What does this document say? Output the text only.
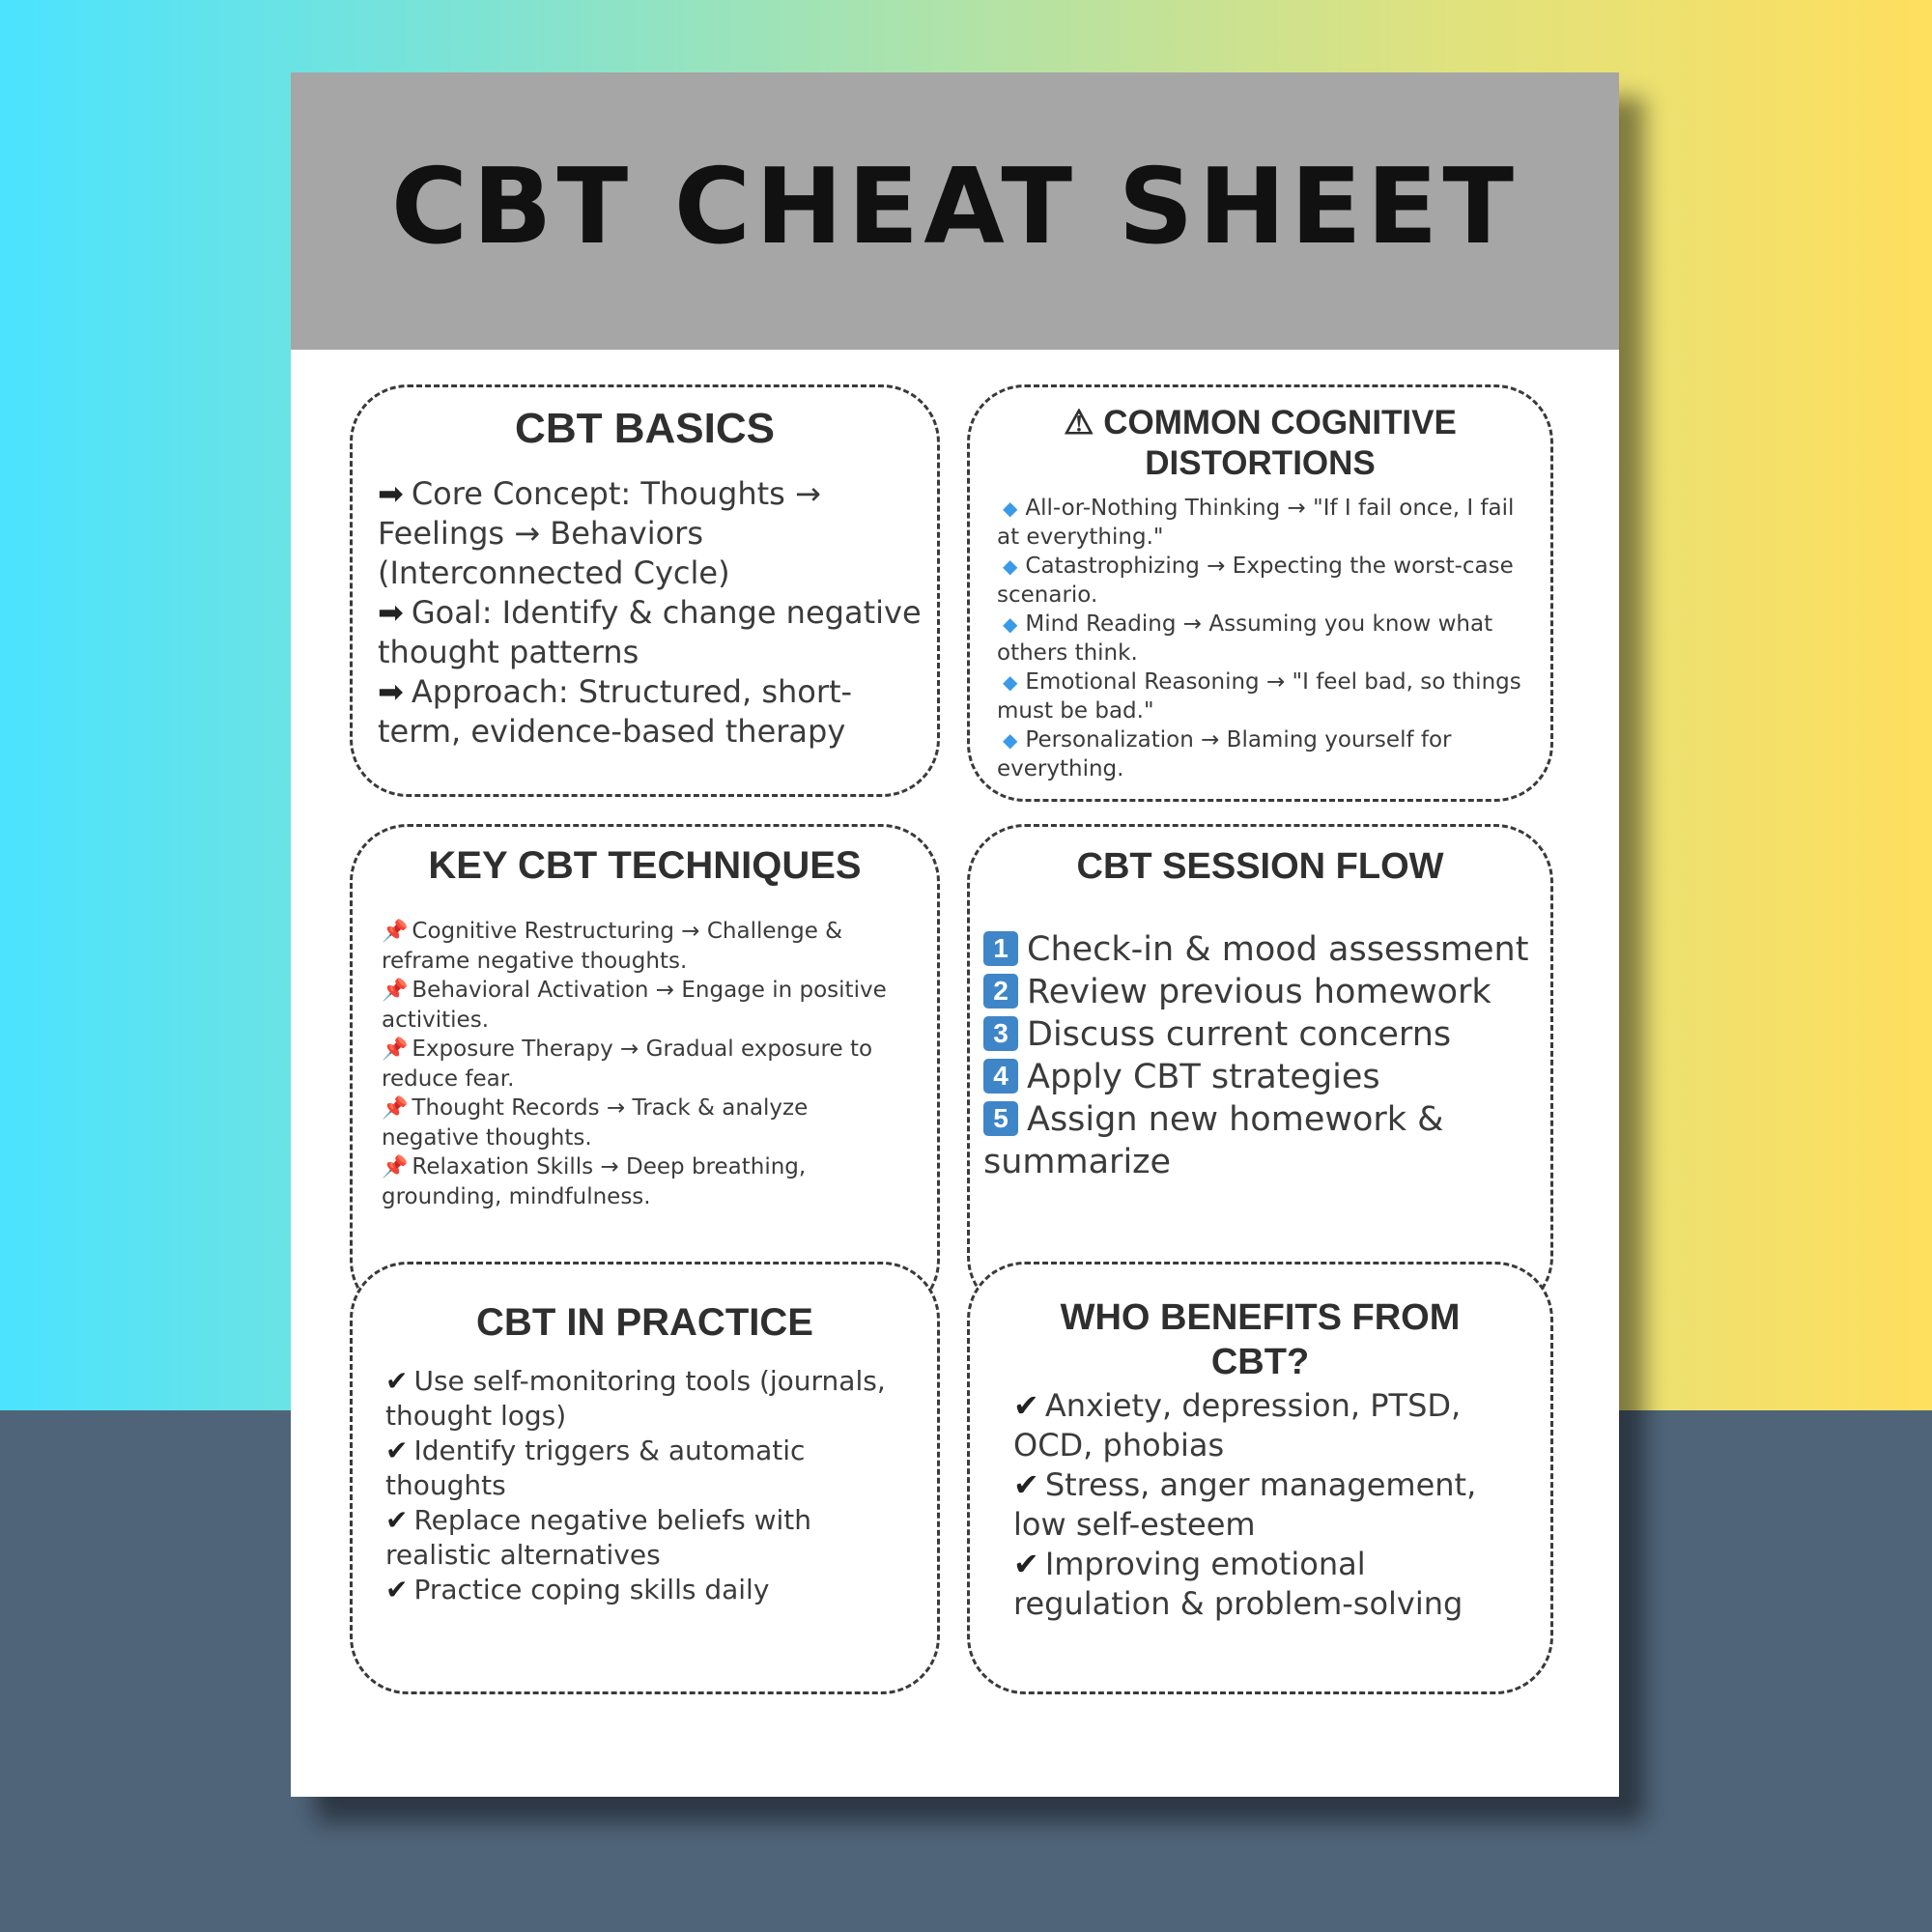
CBT CHEAT SHEET
CBT BASICS
➡ Core Concept: Thoughts → Feelings → Behaviors (Interconnected Cycle)
➡ Goal: Identify & change negative thought patterns
➡ Approach: Structured, short-term, evidence-based therapy
⚠ COMMON COGNITIVE DISTORTIONS
◆ All-or-Nothing Thinking → "If I fail once, I fail at everything."
◆ Catastrophizing → Expecting the worst-case scenario.
◆ Mind Reading → Assuming you know what others think.
◆ Emotional Reasoning → "I feel bad, so things must be bad."
◆ Personalization → Blaming yourself for everything.
KEY CBT TECHNIQUES
📌 Cognitive Restructuring → Challenge & reframe negative thoughts.
📌 Behavioral Activation → Engage in positive activities.
📌 Exposure Therapy → Gradual exposure to reduce fear.
📌 Thought Records → Track & analyze negative thoughts.
📌 Relaxation Skills → Deep breathing, grounding, mindfulness.
CBT SESSION FLOW
1 Check-in & mood assessment
2 Review previous homework
3 Discuss current concerns
4 Apply CBT strategies
5 Assign new homework & summarize
CBT IN PRACTICE
✔ Use self-monitoring tools (journals, thought logs)
✔ Identify triggers & automatic thoughts
✔ Replace negative beliefs with realistic alternatives
✔ Practice coping skills daily
WHO BENEFITS FROM CBT?
✔ Anxiety, depression, PTSD, OCD, phobias
✔ Stress, anger management, low self-esteem
✔ Improving emotional regulation & problem-solving
